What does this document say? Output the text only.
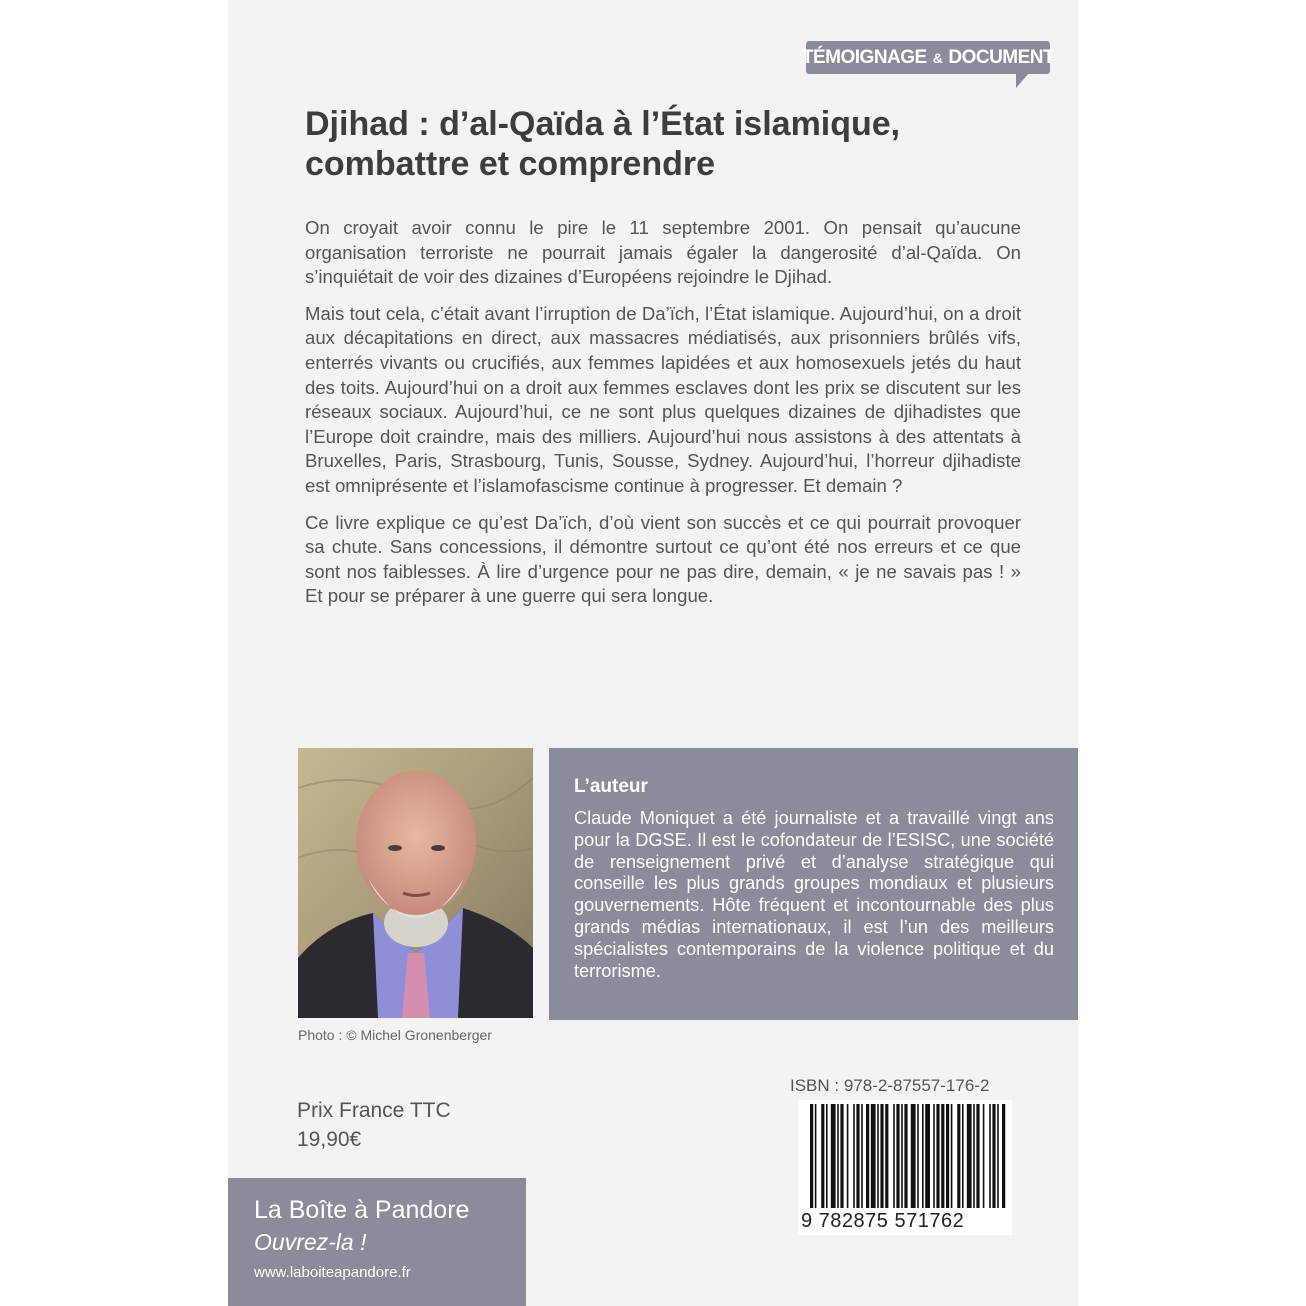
TÉMOIGNAGE & DOCUMENT
Djihad : d’al-Qaïda à l’État islamique,
combattre et comprendre

On croyait avoir connu le pire le 11 septembre 2001. On pensait qu’aucune organisation terroriste ne pourrait jamais égaler la dangerosité d’al-Qaïda. On s’inquiétait de voir des dizaines d’Européens rejoindre le Djihad.

Mais tout cela, c’était avant l’irruption de Da’ïch, l’État islamique. Aujourd’hui, on a droit aux décapitations en direct, aux massacres médiatisés, aux prisonniers brûlés vifs, enterrés vivants ou crucifiés, aux femmes lapidées et aux homosexuels jetés du haut des toits. Aujourd’hui on a droit aux femmes esclaves dont les prix se discutent sur les réseaux sociaux. Aujourd’hui, ce ne sont plus quelques dizaines de djihadistes que l’Europe doit craindre, mais des milliers. Aujourd’hui nous assistons à des attentats à Bruxelles, Paris, Strasbourg, Tunis, Sousse, Sydney. Aujourd’hui, l’horreur djihadiste est omniprésente et l’islamofascisme continue à progresser. Et demain ?

Ce livre explique ce qu’est Da’ïch, d’où vient son succès et ce qui pourrait provoquer sa chute. Sans concessions, il démontre surtout ce qu’ont été nos erreurs et ce que sont nos faiblesses. À lire d’urgence pour ne pas dire, demain, « je ne savais pas ! » Et pour se préparer à une guerre qui sera longue.

Photo : © Michel Gronenberger

L’auteur

Claude Moniquet a été journaliste et a travaillé vingt ans pour la DGSE. Il est le cofondateur de l’ESISC, une société de renseignement privé et d’analyse stratégique qui conseille les plus grands groupes mondiaux et plusieurs gouvernements. Hôte fréquent et incontournable des plus grands médias internationaux, il est l’un des meilleurs spécialistes contemporains de la violence politique et du terrorisme.

Prix France TTC
19,90€
ISBN : 978-2-87557-176-2
9 782875 571762

La Boîte à Pandore

Ouvrez-la !

www.laboiteapandore.fr
